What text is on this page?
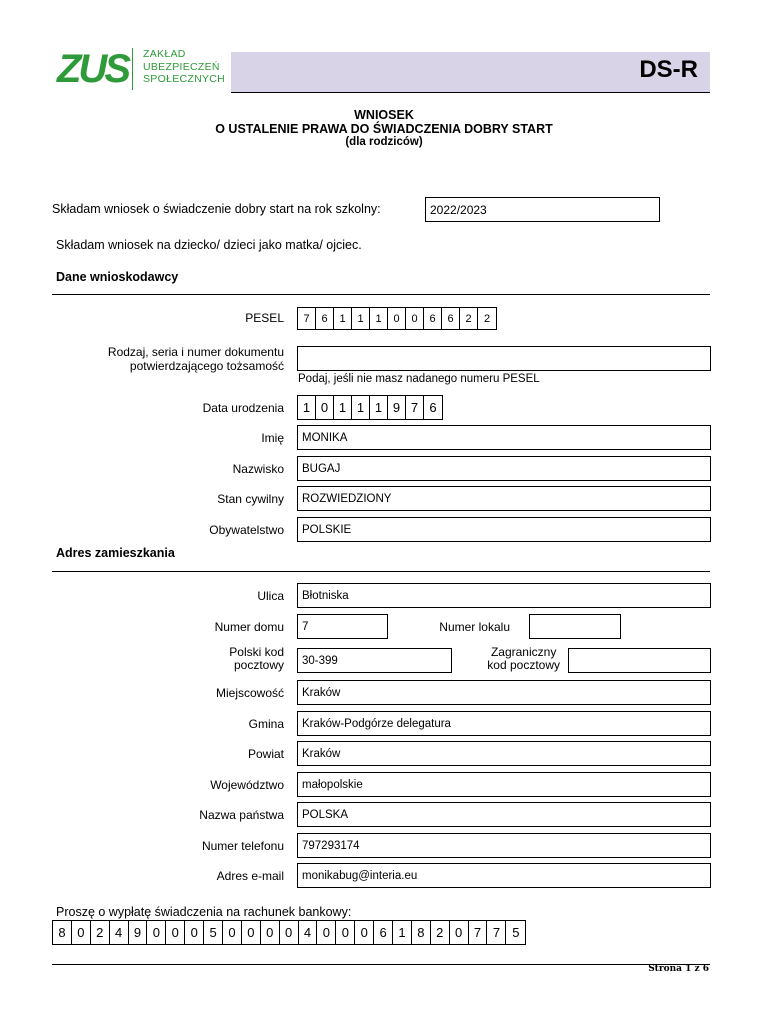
ZUS	ZAKŁAD
UBEZPIECZEŃ
SPOŁECZNYCH	DS-R
WNIOSEK
O USTALENIE PRAWA DO ŚWIADCZENIA DOBRY START
(dla rodziców)
Składam wniosek o świadczenie dobry start na rok szkolny:	2022/2023
Składam wniosek na dziecko/ dzieci jako matka/ ojciec.
Dane wnioskodawcy
PESEL	7	6	1	1	1	0	0	6	6	2	2
Rodzaj, seria i numer dokumentu
potwierdzającego tożsamość
Podaj, jeśli nie masz nadanego numeru PESEL
Data urodzenia	1 0 1 1 1 9 7 6
Imię	MONIKA
Nazwisko	BUGAJ
Stan cywilny	ROZWIEDZIONY
Obywatelstwo	POLSKIE
Adres zamieszkania
Ulica	Błotniska
Numer domu	7	Numer lokalu
Polski kod
pocztowy	30-399
Zagraniczny
kod pocztowy
Miejscowość	Kraków
Gmina	Kraków-Podgórze delegatura
Powiat	Kraków
Województwo	małopolskie
Nazwa państwa	POLSKA
Numer telefonu	797293174
Adres e-mail	monikabug@interia.eu
Proszę o wypłatę świadczenia na rachunek bankowy:
8 0 2 4 9 0 0 0 5 0 0 0 0 4 0 0 0 6 1 8 2 0 7 7 5
Strona 1 z 6
